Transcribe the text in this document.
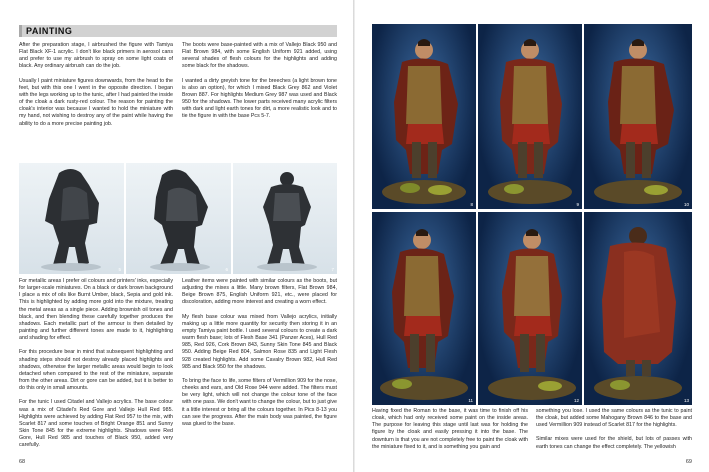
PAINTING

After the preparation stage, I airbrushed the figure with Tamiya Flat Black XF-1 acrylic. I don't like black primers in aerosol cans and prefer to use my airbrush to spray on some light coats of black. Any ordinary airbrush can do the job.

Usually I paint miniature figures downwards, from the head to the feet, but with this one I went in the opposite direction. I began with the legs working up to the tunic, after I had painted the inside of the cloak a dark rusty-red colour. The reason for painting the cloak's interior was because I wanted to hold the miniature with my hand, not wishing to destroy any of the paint while having the ability to do a more precise painting job.

The boots were base-painted with a mix of Vallejo Black 950 and Flat Brown 984, with some English Uniform 921 added, using several shades of flesh colours for the highlights and adding some black for the shadows.

I wanted a dirty greyish tone for the breeches (a light brown tone is also an option), for which I mixed Black Grey 862 and Violet Brown 887. For highlights Medium Grey 987 was used and Black 950 for the shadows. The lower parts received many acrylic filters with dark and light earth tones for dirt, a more realistic look and to tie the figure in with the base Pcs 5-7.

5	6	7

For metallic areas I prefer oil colours and printers' inks, especially for larger-scale miniatures. On a black or dark brown background I place a mix of oils like Burnt Umber, black, Sepia and gold ink. This is highlighted by adding more gold into the mixture, treating the metal areas as a single piece. Adding brownish oil tones and black, and then blending these carefully together produces the shadows. Each metallic part of the armour is then detailed by painting and further different tones are made to it, highlighting and shading for effect.

For this procedure bear in mind that subsequent highlighting and shading steps should not destroy already placed highlights and shadows, otherwise the larger metallic areas would begin to look detached when compared to the rest of the miniature, separate from the other areas. Dirt or gore can be added, but it is better to do this only in small amounts.

For the tunic I used Citadel and Vallejo acrylics. The base colour was a mix of Citadel's Red Gore and Vallejo Hull Red 985. Highlights were achieved by adding Flat Red 957 to the mix, with Scarlet 817 and some touches of Bright Orange 851 and Sunny Skin Tone 845 for the extreme highlights. Shadows were Red Gore, Hull Red 985 and touches of Black 950, added very carefully.

Leather items were painted with similar colours as the boots, but adjusting the mixes a little. Many brown filters, Flat Brown 984, Beige Brown 875, English Uniform 921, etc., were placed for discoloration, adding more interest and creating a worn effect.

My flesh base colour was mixed from Vallejo acrylics, initially making up a little more quantity for security then storing it in an empty Tamiya paint bottle. I used several colours to create a dark warm flesh base; lots of Flesh Base 341 (Panzer Aces), Hull Red 985, Red 926, Cork Brown 843, Sunny Skin Tone 845 and Black 950. Adding Beige Red 804, Salmon Rose 835 and Light Flesh 928 created highlights. Add some Cavalry Brown 982, Hull Red 985 and Black 950 for the shadows.

To bring the face to life, some filters of Vermillion 909 for the nose, cheeks and ears, and Old Rose 944 were added. The filters must be very light, which will not change the colour tone of the face with one pass. We don't want to change the colour, but to just give it a little interest or bring all the colours together. In Pics 8-13 you can see the progress. After the main body was painted, the figure was glued to the base.

68
8	9	10
11	12	13

Having fixed the Roman to the base, it was time to finish off his cloak, which had only received some paint on the inside areas. The purpose for leaving this stage until last was for holding the figure by the cloak and easily pressing it into the base. The downturn is that you are not completely free to paint the cloak with the miniature fixed to it, and is something you gain and

something you lose. I used the same colours as the tunic to paint the cloak, but added some Mahogany Brown 846 to the base and used Vermillion 909 instead of Scarlet 817 for the highlights.

Similar mixes were used for the shield, but lots of passes with earth tones can change the effect completely. The yellowish

69
